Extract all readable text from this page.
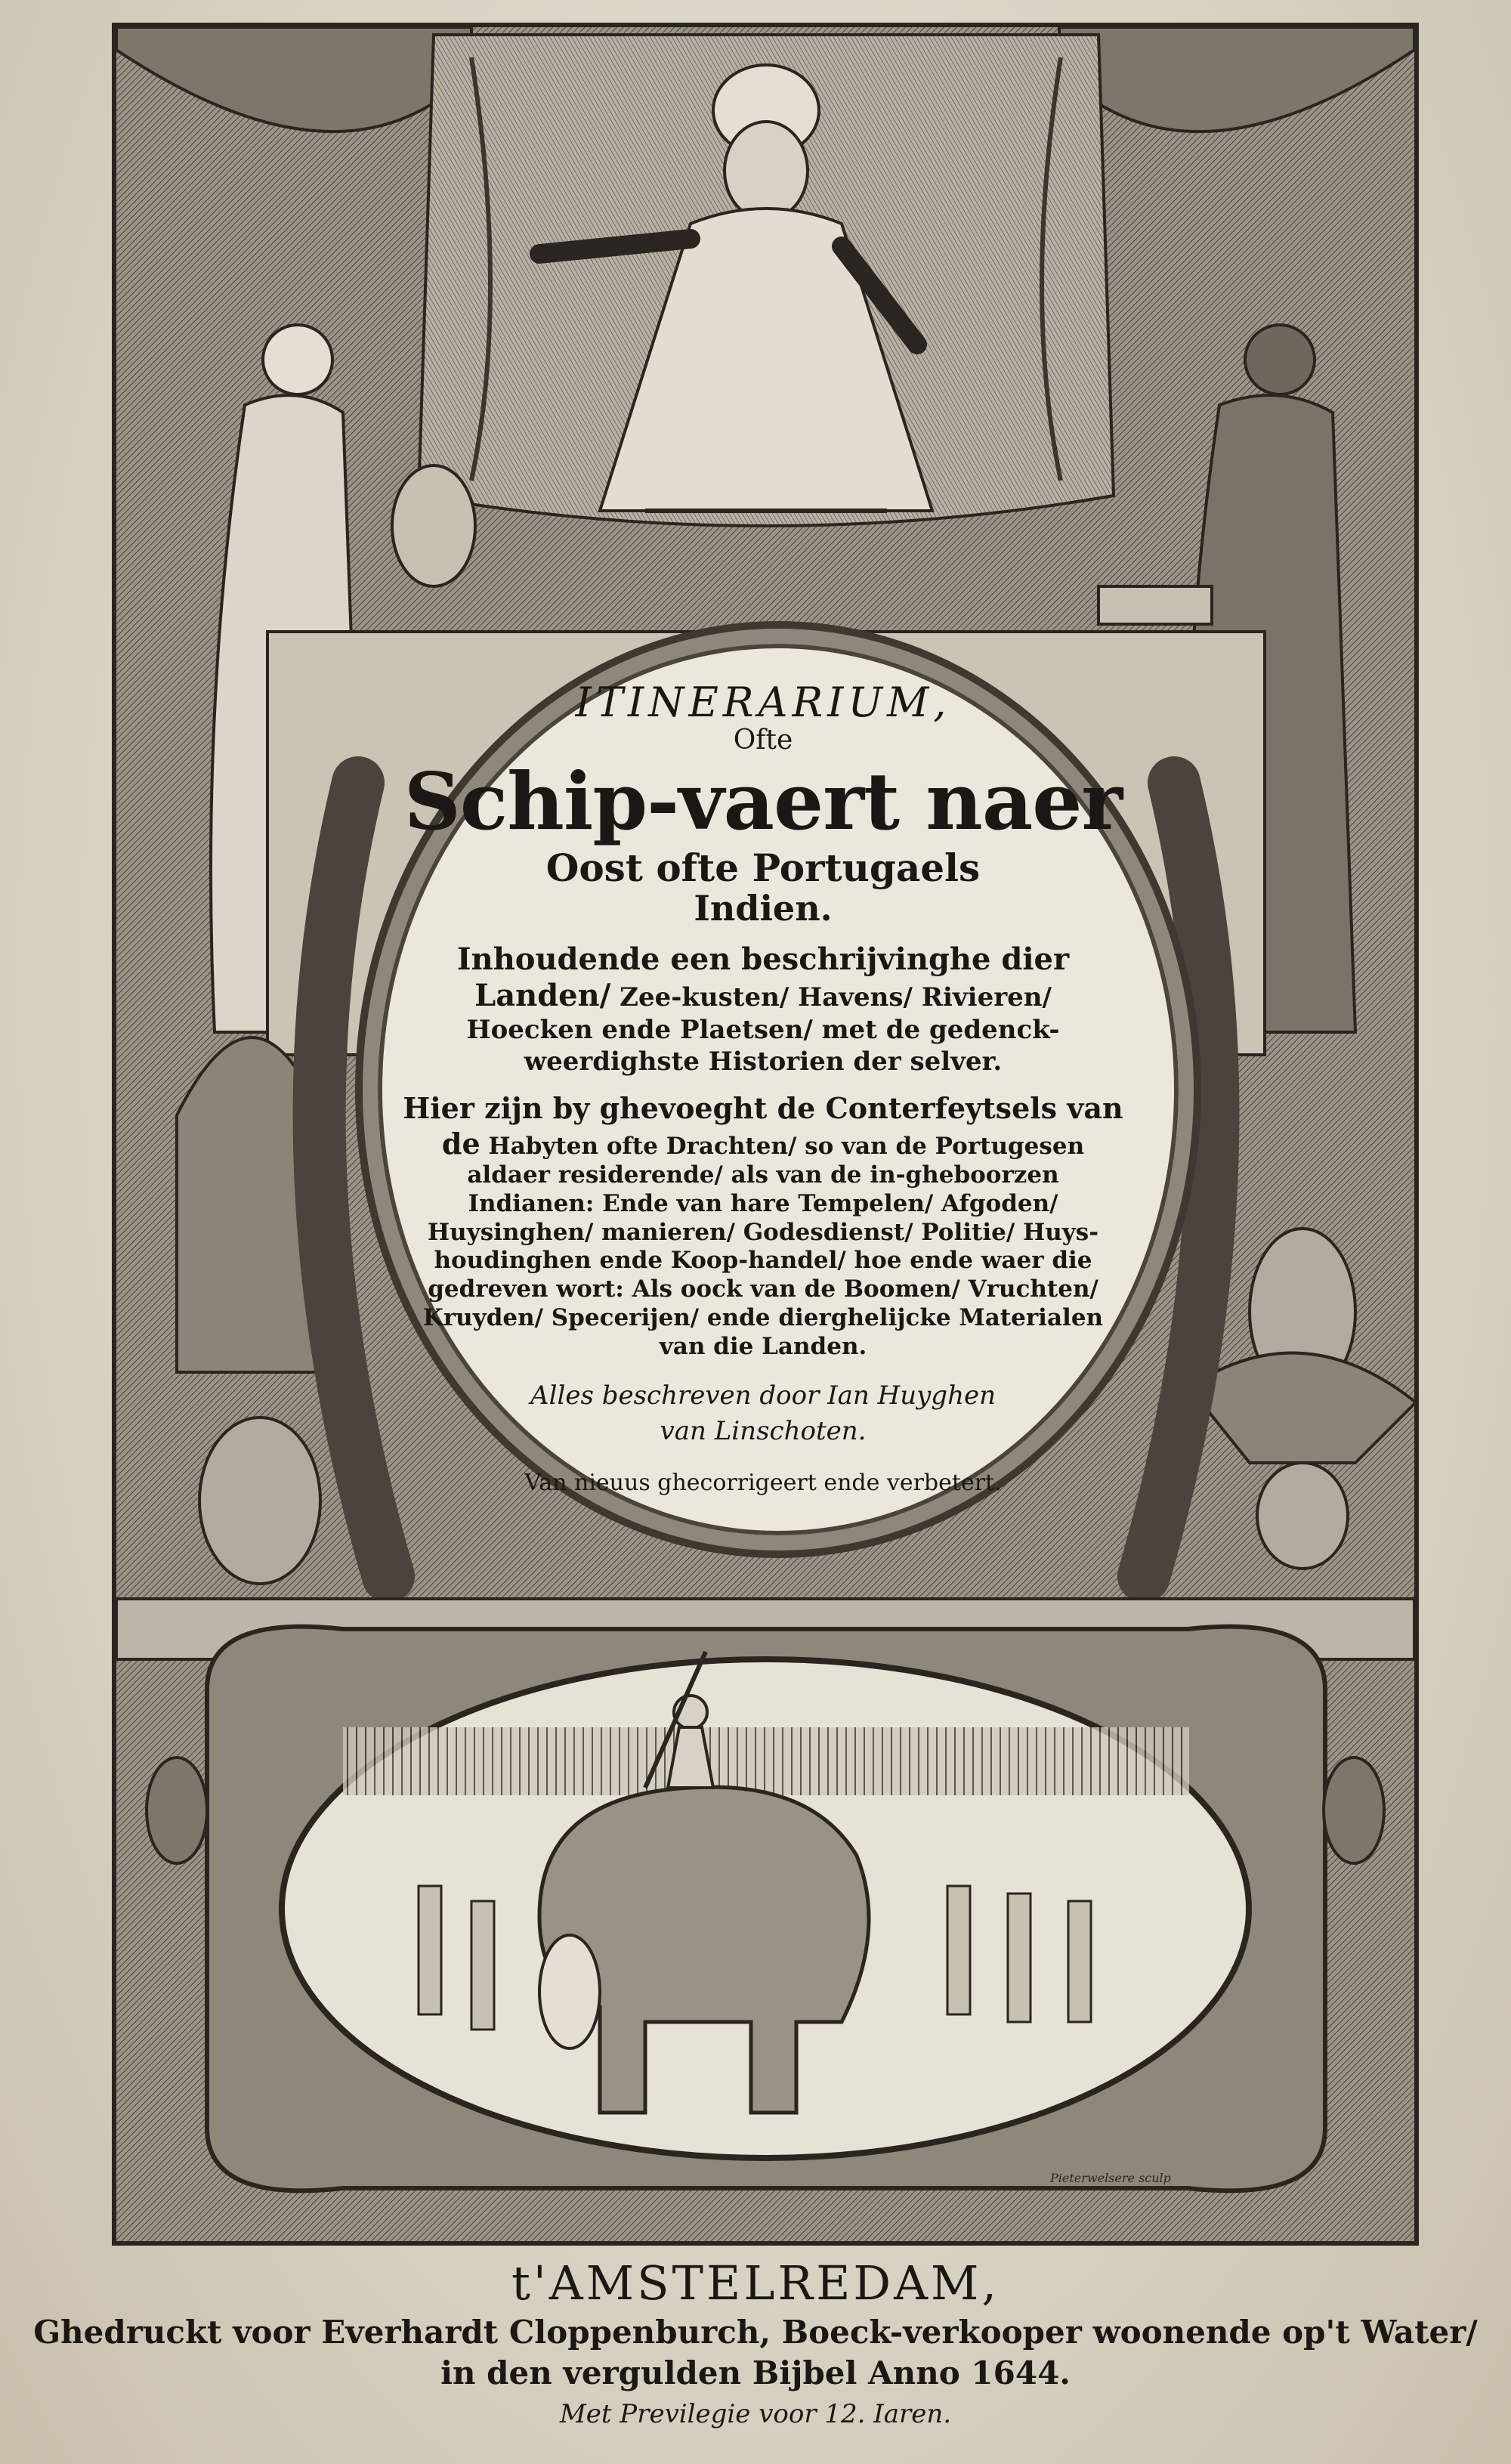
ITINERARIUM,

Ofte

Schip-vaert naer

Oost ofte Portugaels

Indien.

Inhoudende een beschrijvinghe dier Landen/ Zee-kusten/ Havens/ Rivieren/ Hoecken ende Plaetsen/ met de gedenck-weerdighste Historien der selver.

Hier zijn by ghevoeght de Conterfeytsels van de Habyten ofte Drachten/ so van de Portugesen aldaer residerende/ als van de in-gheboorzen Indianen: Ende van hare Tempelen/ Afgoden/ Huysinghen/ manieren/ Godesdienst/ Politie/ Huys-houdinghen ende Koop-handel/ hoe ende waer die gedreven wort: Als oock van de Boomen/ Vruchten/ Kruyden/ Specerijen/ ende dierghelijcke Materialen van die Landen.

Alles beschreven door Ian Huyghen
van Linschoten.

Van nieuus ghecorrigeert ende verbetert.

Pieterwelsere sculp

t'AMSTELREDAM,

Ghedruckt voor Everhardt Cloppenburch, Boeck-verkooper woonende op't Water/

in den vergulden Bijbel Anno 1644.

Met Previlegie voor 12. Iaren.
